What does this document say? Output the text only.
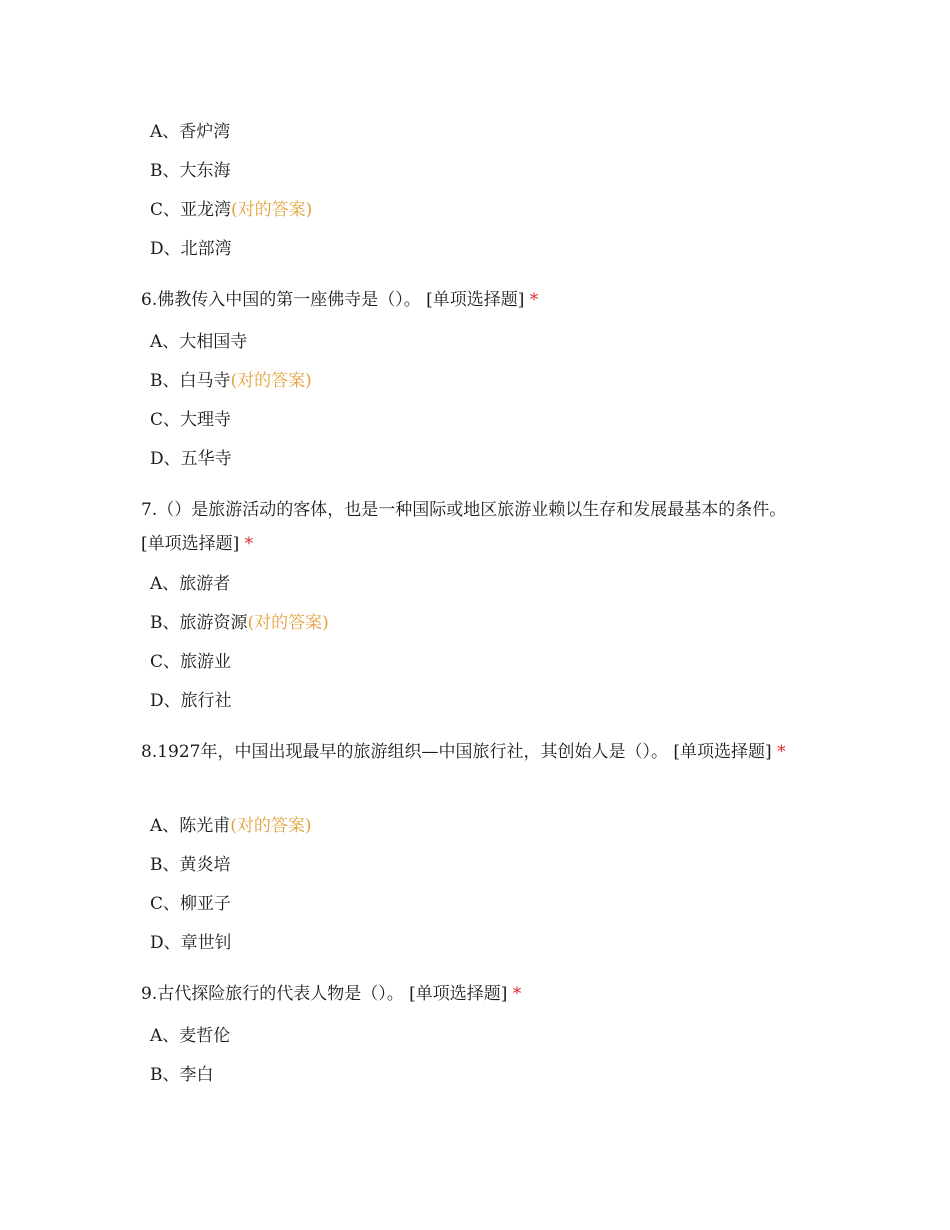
A、香炉湾
B、大东海
C、亚龙湾(对的答案)
D、北部湾
6.佛教传入中国的第一座佛寺是（）。 [单项选择题] *
A、大相国寺
B、白马寺(对的答案)
C、大理寺
D、五华寺
7.（）是旅游活动的客体，也是一种国际或地区旅游业赖以生存和发展最基本的条件。 [单项选择题] *
A、旅游者
B、旅游资源(对的答案)
C、旅游业
D、旅行社
8.1927年，中国出现最早的旅游组织—中国旅行社，其创始人是（）。 [单项选择题] *
A、陈光甫(对的答案)
B、黄炎培
C、柳亚子
D、章世钊
9.古代探险旅行的代表人物是（）。 [单项选择题] *
A、麦哲伦
B、李白
